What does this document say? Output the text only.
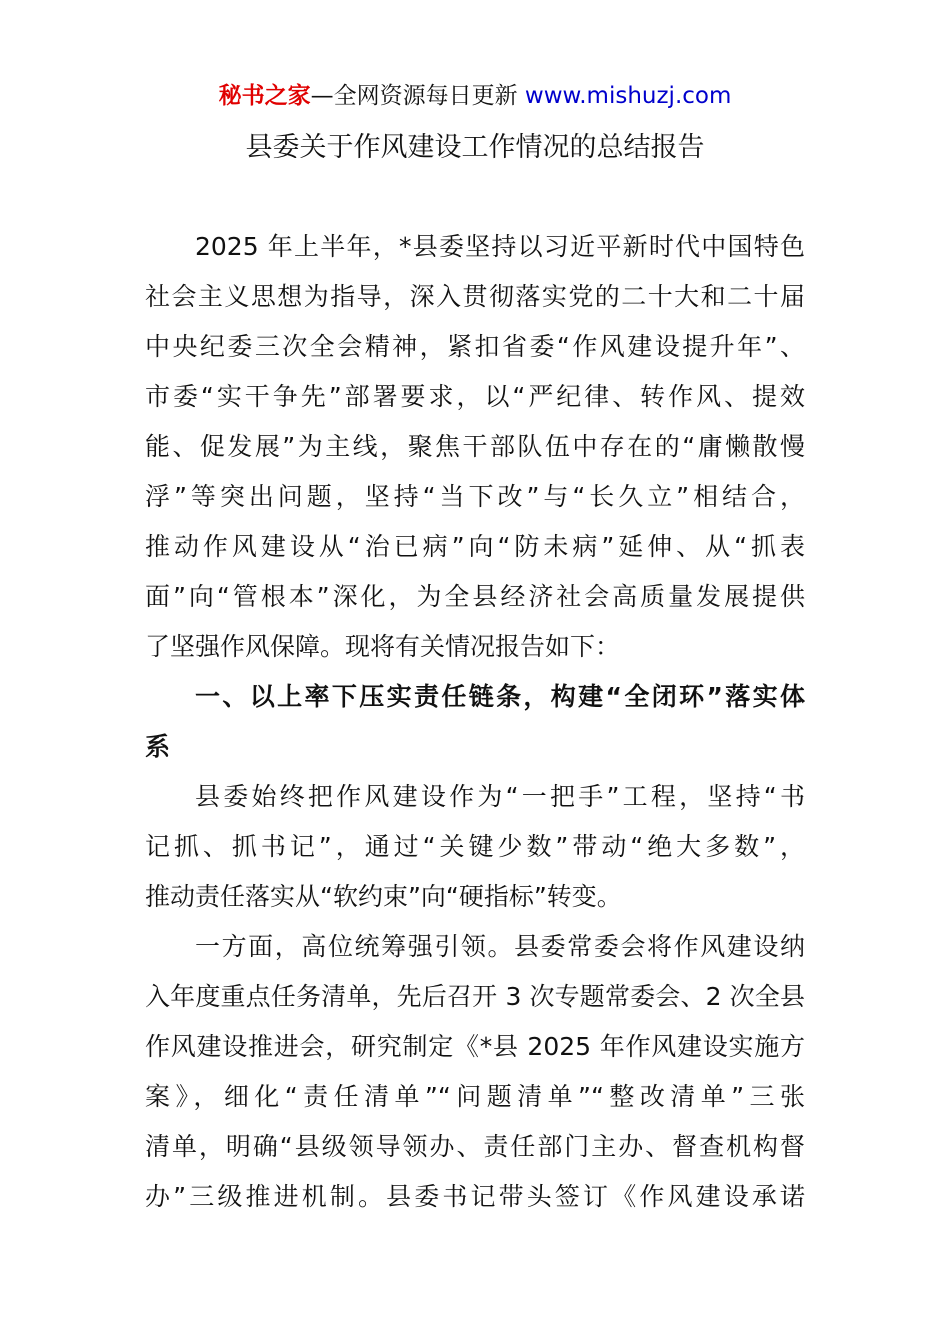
秘书之家—全网资源每日更新 www.mishuzj.com
县委关于作风建设工作情况的总结报告
2025 年上半年，*县委坚持以习近平新时代中国特色
社会主义思想为指导，深入贯彻落实党的二十大和二十届
中央纪委三次全会精神，紧扣省委“作风建设提升年”、
市委“实干争先”部署要求，以“严纪律、转作风、提效
能、促发展”为主线，聚焦干部队伍中存在的“庸懒散慢
浮”等突出问题，坚持“当下改”与“长久立”相结合，
推动作风建设从“治已病”向“防未病”延伸、从“抓表
面”向“管根本”深化，为全县经济社会高质量发展提供
了坚强作风保障。现将有关情况报告如下：
一、以上率下压实责任链条，构建“全闭环”落实体
系
县委始终把作风建设作为“一把手”工程，坚持“书
记抓、抓书记”，通过“关键少数”带动“绝大多数”，
推动责任落实从“软约束”向“硬指标”转变。
一方面，高位统筹强引领。县委常委会将作风建设纳
入年度重点任务清单，先后召开 3 次专题常委会、2 次全县
作风建设推进会，研究制定《*县 2025 年作风建设实施方
案》，细化“责任清单”“问题清单”“整改清单”三张
清单，明确“县级领导领办、责任部门主办、督查机构督
办”三级推进机制。县委书记带头签订《作风建设承诺
